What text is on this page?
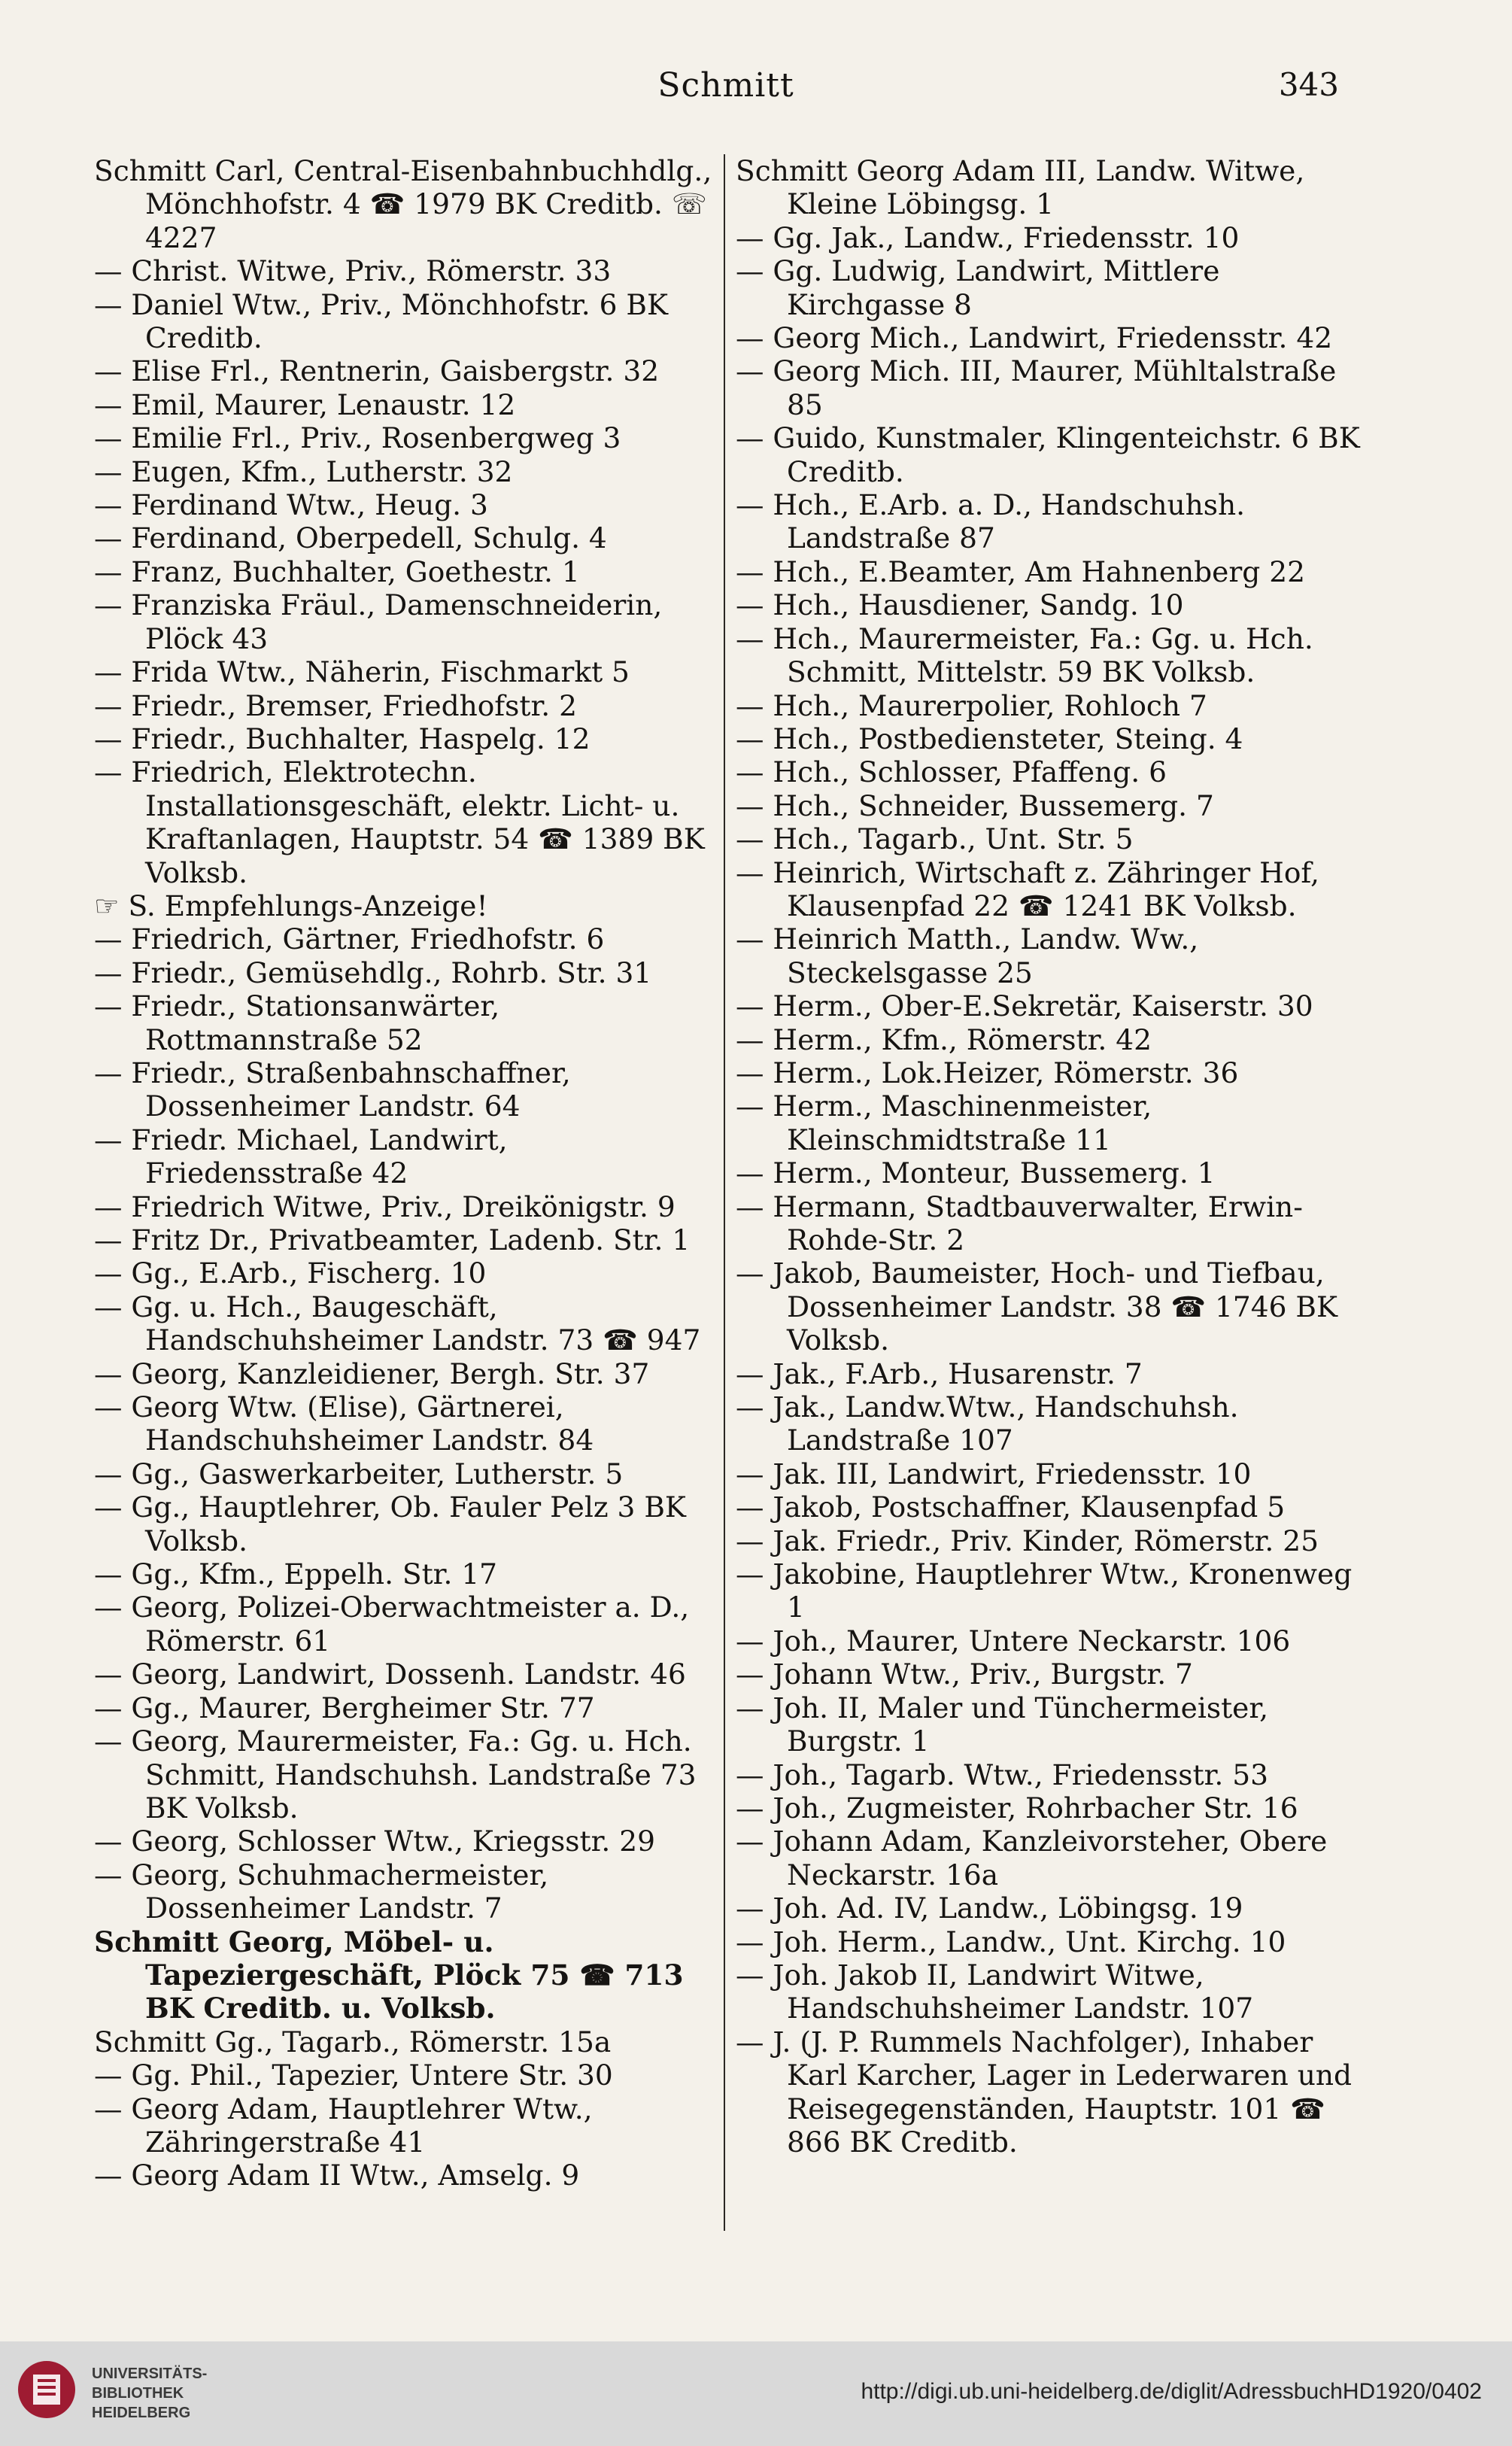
Schmitt	343

Schmitt Carl, Central-Eisenbahnbuchhdlg., Mönchhofstr. 4 ☎ 1979 BK Creditb. ☏ 4227

— Christ. Witwe, Priv., Römerstr. 33

— Daniel Wtw., Priv., Mönchhofstr. 6 BK Creditb.

— Elise Frl., Rentnerin, Gaisbergstr. 32

— Emil, Maurer, Lenaustr. 12

— Emilie Frl., Priv., Rosenbergweg 3

— Eugen, Kfm., Lutherstr. 32

— Ferdinand Wtw., Heug. 3

— Ferdinand, Oberpedell, Schulg. 4

— Franz, Buchhalter, Goethestr. 1

— Franziska Fräul., Damenschneiderin, Plöck 43

— Frida Wtw., Näherin, Fischmarkt 5

— Friedr., Bremser, Friedhofstr. 2

— Friedr., Buchhalter, Haspelg. 12

— Friedrich, Elektrotechn. Installationsgeschäft, elektr. Licht- u. Kraftanlagen, Hauptstr. 54 ☎ 1389 BK Volksb.

☞ S. Empfehlungs-Anzeige!

— Friedrich, Gärtner, Friedhofstr. 6

— Friedr., Gemüsehdlg., Rohrb. Str. 31

— Friedr., Stationsanwärter, Rottmannstraße 52

— Friedr., Straßenbahnschaffner, Dossenheimer Landstr. 64

— Friedr. Michael, Landwirt, Friedensstraße 42

— Friedrich Witwe, Priv., Dreikönigstr. 9

— Fritz Dr., Privatbeamter, Ladenb. Str. 1

— Gg., E.Arb., Fischerg. 10

— Gg. u. Hch., Baugeschäft, Handschuhsheimer Landstr. 73 ☎ 947

— Georg, Kanzleidiener, Bergh. Str. 37

— Georg Wtw. (Elise), Gärtnerei, Handschuhsheimer Landstr. 84

— Gg., Gaswerkarbeiter, Lutherstr. 5

— Gg., Hauptlehrer, Ob. Fauler Pelz 3 BK Volksb.

— Gg., Kfm., Eppelh. Str. 17

— Georg, Polizei-Oberwachtmeister a. D., Römerstr. 61

— Georg, Landwirt, Dossenh. Landstr. 46

— Gg., Maurer, Bergheimer Str. 77

— Georg, Maurermeister, Fa.: Gg. u. Hch. Schmitt, Handschuhsh. Landstraße 73 BK Volksb.

— Georg, Schlosser Wtw., Kriegsstr. 29

— Georg, Schuhmachermeister, Dossenheimer Landstr. 7

Schmitt Georg, Möbel- u. Tapeziergeschäft, Plöck 75 ☎ 713 BK Creditb. u. Volksb.

Schmitt Gg., Tagarb., Römerstr. 15a

— Gg. Phil., Tapezier, Untere Str. 30

— Georg Adam, Hauptlehrer Wtw., Zähringerstraße 41

— Georg Adam II Wtw., Amselg. 9

Schmitt Georg Adam III, Landw. Witwe, Kleine Löbingsg. 1

— Gg. Jak., Landw., Friedensstr. 10

— Gg. Ludwig, Landwirt, Mittlere Kirchgasse 8

— Georg Mich., Landwirt, Friedensstr. 42

— Georg Mich. III, Maurer, Mühltalstraße 85

— Guido, Kunstmaler, Klingenteichstr. 6 BK Creditb.

— Hch., E.Arb. a. D., Handschuhsh. Landstraße 87

— Hch., E.Beamter, Am Hahnenberg 22

— Hch., Hausdiener, Sandg. 10

— Hch., Maurermeister, Fa.: Gg. u. Hch. Schmitt, Mittelstr. 59 BK Volksb.

— Hch., Maurerpolier, Rohloch 7

— Hch., Postbediensteter, Steing. 4

— Hch., Schlosser, Pfaffeng. 6

— Hch., Schneider, Bussemerg. 7

— Hch., Tagarb., Unt. Str. 5

— Heinrich, Wirtschaft z. Zähringer Hof, Klausenpfad 22 ☎ 1241 BK Volksb.

— Heinrich Matth., Landw. Ww., Steckelsgasse 25

— Herm., Ober-E.Sekretär, Kaiserstr. 30

— Herm., Kfm., Römerstr. 42

— Herm., Lok.Heizer, Römerstr. 36

— Herm., Maschinenmeister, Kleinschmidtstraße 11

— Herm., Monteur, Bussemerg. 1

— Hermann, Stadtbauverwalter, Erwin-Rohde-Str. 2

— Jakob, Baumeister, Hoch- und Tiefbau, Dossenheimer Landstr. 38 ☎ 1746 BK Volksb.

— Jak., F.Arb., Husarenstr. 7

— Jak., Landw.Wtw., Handschuhsh. Landstraße 107

— Jak. III, Landwirt, Friedensstr. 10

— Jakob, Postschaffner, Klausenpfad 5

— Jak. Friedr., Priv. Kinder, Römerstr. 25

— Jakobine, Hauptlehrer Wtw., Kronenweg 1

— Joh., Maurer, Untere Neckarstr. 106

— Johann Wtw., Priv., Burgstr. 7

— Joh. II, Maler und Tünchermeister, Burgstr. 1

— Joh., Tagarb. Wtw., Friedensstr. 53

— Joh., Zugmeister, Rohrbacher Str. 16

— Johann Adam, Kanzleivorsteher, Obere Neckarstr. 16a

— Joh. Ad. IV, Landw., Löbingsg. 19

— Joh. Herm., Landw., Unt. Kirchg. 10

— Joh. Jakob II, Landwirt Witwe, Handschuhsheimer Landstr. 107

— J. (J. P. Rummels Nachfolger), Inhaber Karl Karcher, Lager in Lederwaren und Reisegegenständen, Hauptstr. 101 ☎ 866 BK Creditb.

UNIVERSITÄTS-
BIBLIOTHEK
HEIDELBERG
http://digi.ub.uni-heidelberg.de/diglit/AdressbuchHD1920/0402
